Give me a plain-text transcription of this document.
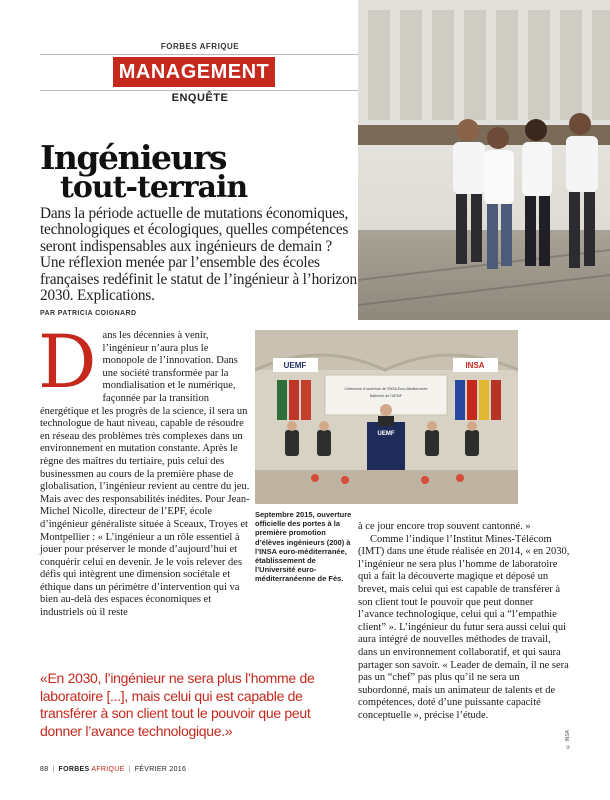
FORBES AFRIQUE
MANAGEMENT
ENQUÊTE
Ingénieurs
tout-terrain

Dans la période actuelle de mutations économiques, technologiques et écologiques, quelles compétences seront indispensables aux ingénieurs de demain ? Une réflexion menée par l’ensemble des écoles françaises redéfinit le statut de l’ingénieur à l’horizon 2030. Explications.

PAR PATRICIA COIGNARD
D ans les décennies à venir, l’ingénieur n’aura plus le monopole de l’innovation. Dans une société transformée par la mondialisation et le numérique, façonnée par la transition énergétique et les progrès de la science, il sera un technologue de haut niveau, capable de résoudre en réseau des problèmes très complexes dans un environnement en mutation constante. Après le règne des maîtres du tertiaire, puis celui des businessmen au cours de la première phase de globalisation, l’ingénieur revient au centre du jeu. Mais avec des responsabilités inédites. Pour Jean-Michel Nicolle, directeur de l’EPF, école d’ingénieur généraliste située à Sceaux, Troyes et Montpellier : « L’ingénieur a un rôle essentiel à jouer pour préserver le monde d’aujourd’hui et conquérir celui en devenir. Je le vois relever des défis qui intègrent une dimension sociétale et éthique dans un périmètre d’intervention qui va bien au-delà des espaces économiques et industriels où il reste

UEMF	INSA
Cérémonie d’ouverture de l’INSA Euro-Méditerranée
Bâtiment de l’UEMF
UEMF
Septembre 2015, ouverture officielle des portes à la première promotion d’élèves ingénieurs (200) à l’INSA euro-méditerranée, établissement de l’Université euro-méditerranéenne de Fès.

à ce jour encore trop souvent cantonné. »

Comme l’indique l’Institut Mines-Télécom (IMT) dans une étude réalisée en 2014, « en 2030, l’ingénieur ne sera plus l’homme de laboratoire qui a fait la découverte magique et déposé un brevet, mais celui qui est capable de transférer à son client tout le pouvoir que peut donner l’avance technologique, celui qui a “l’empathie client” ». L’ingénieur du futur sera aussi celui qui aura intégré de nouvelles méthodes de travail, dans un environnement collaboratif, et qui saura partager son savoir. « Leader de demain, il ne sera pas un “chef” pas plus qu’il ne sera un subordonné, mais un animateur de talents et de compétences, doté d’une puissante capacité conceptuelle », précise l’étude.

«En 2030, l’ingénieur ne sera plus l’homme de laboratoire [...], mais celui qui est capable de transférer à son client tout le pouvoir que peut donner l’avance technologique.»	© INSA
88 | FORBES AFRIQUE | FÉVRIER 2016
